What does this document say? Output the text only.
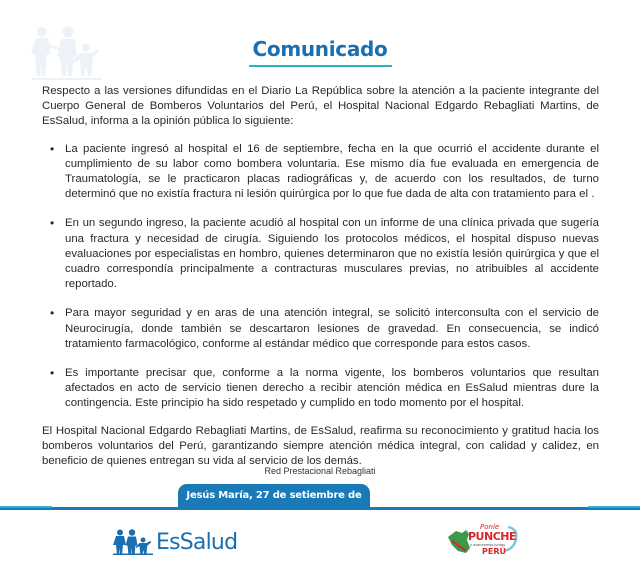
Comunicado

Respecto a las versiones difundidas en el Diario La República sobre la atención a la paciente integrante del Cuerpo General de Bomberos Voluntarios del Perú, el Hospital Nacional Edgardo Rebagliati Martins, de EsSalud, informa a la opinión pública lo siguiente:

• La paciente ingresó al hospital el 16 de septiembre, fecha en la que ocurrió el accidente durante el cumplimiento de su labor como bombera voluntaria. Ese mismo día fue evaluada en emergencia de Traumatología, se le practicaron placas radiográficas y, de acuerdo con los resultados, de turno determinó que no existía fractura ni lesión quirúrgica por lo que fue dada de alta con tratamiento para el .
• En un segundo ingreso, la paciente acudió al hospital con un informe de una clínica privada que sugería una fractura y necesidad de cirugía. Siguiendo los protocolos médicos, el hospital dispuso nuevas evaluaciones por especialistas en hombro, quienes determinaron que no existía lesión quirúrgica y que el cuadro correspondía principalmente a contracturas musculares previas, no atribuibles al accidente reportado.
• Para mayor seguridad y en aras de una atención integral, se solicitó interconsulta con el servicio de Neurocirugía, donde también se descartaron lesiones de gravedad. En consecuencia, se indicó tratamiento farmacológico, conforme al estándar médico que corresponde para estos casos.
• Es importante precisar que, conforme a la norma vigente, los bomberos voluntarios que resultan afectados en acto de servicio tienen derecho a recibir atención médica en EsSalud mientras dure la contingencia. Este principio ha sido respetado y cumplido en todo momento por el hospital.

El Hospital Nacional Edgardo Rebagliati Martins, de EsSalud, reafirma su reconocimiento y gratitud hacia los bomberos voluntarios del Perú, garantizando siempre atención médica integral, con calidad y calidez, en beneficio de quienes entregan su vida al servicio de los demás.

Red Prestacional Rebagliati
Jesús María, 27 de setiembre de 2025
EsSalud
Ponle
PUNCHE
y avancemos juntos
PERÚ
